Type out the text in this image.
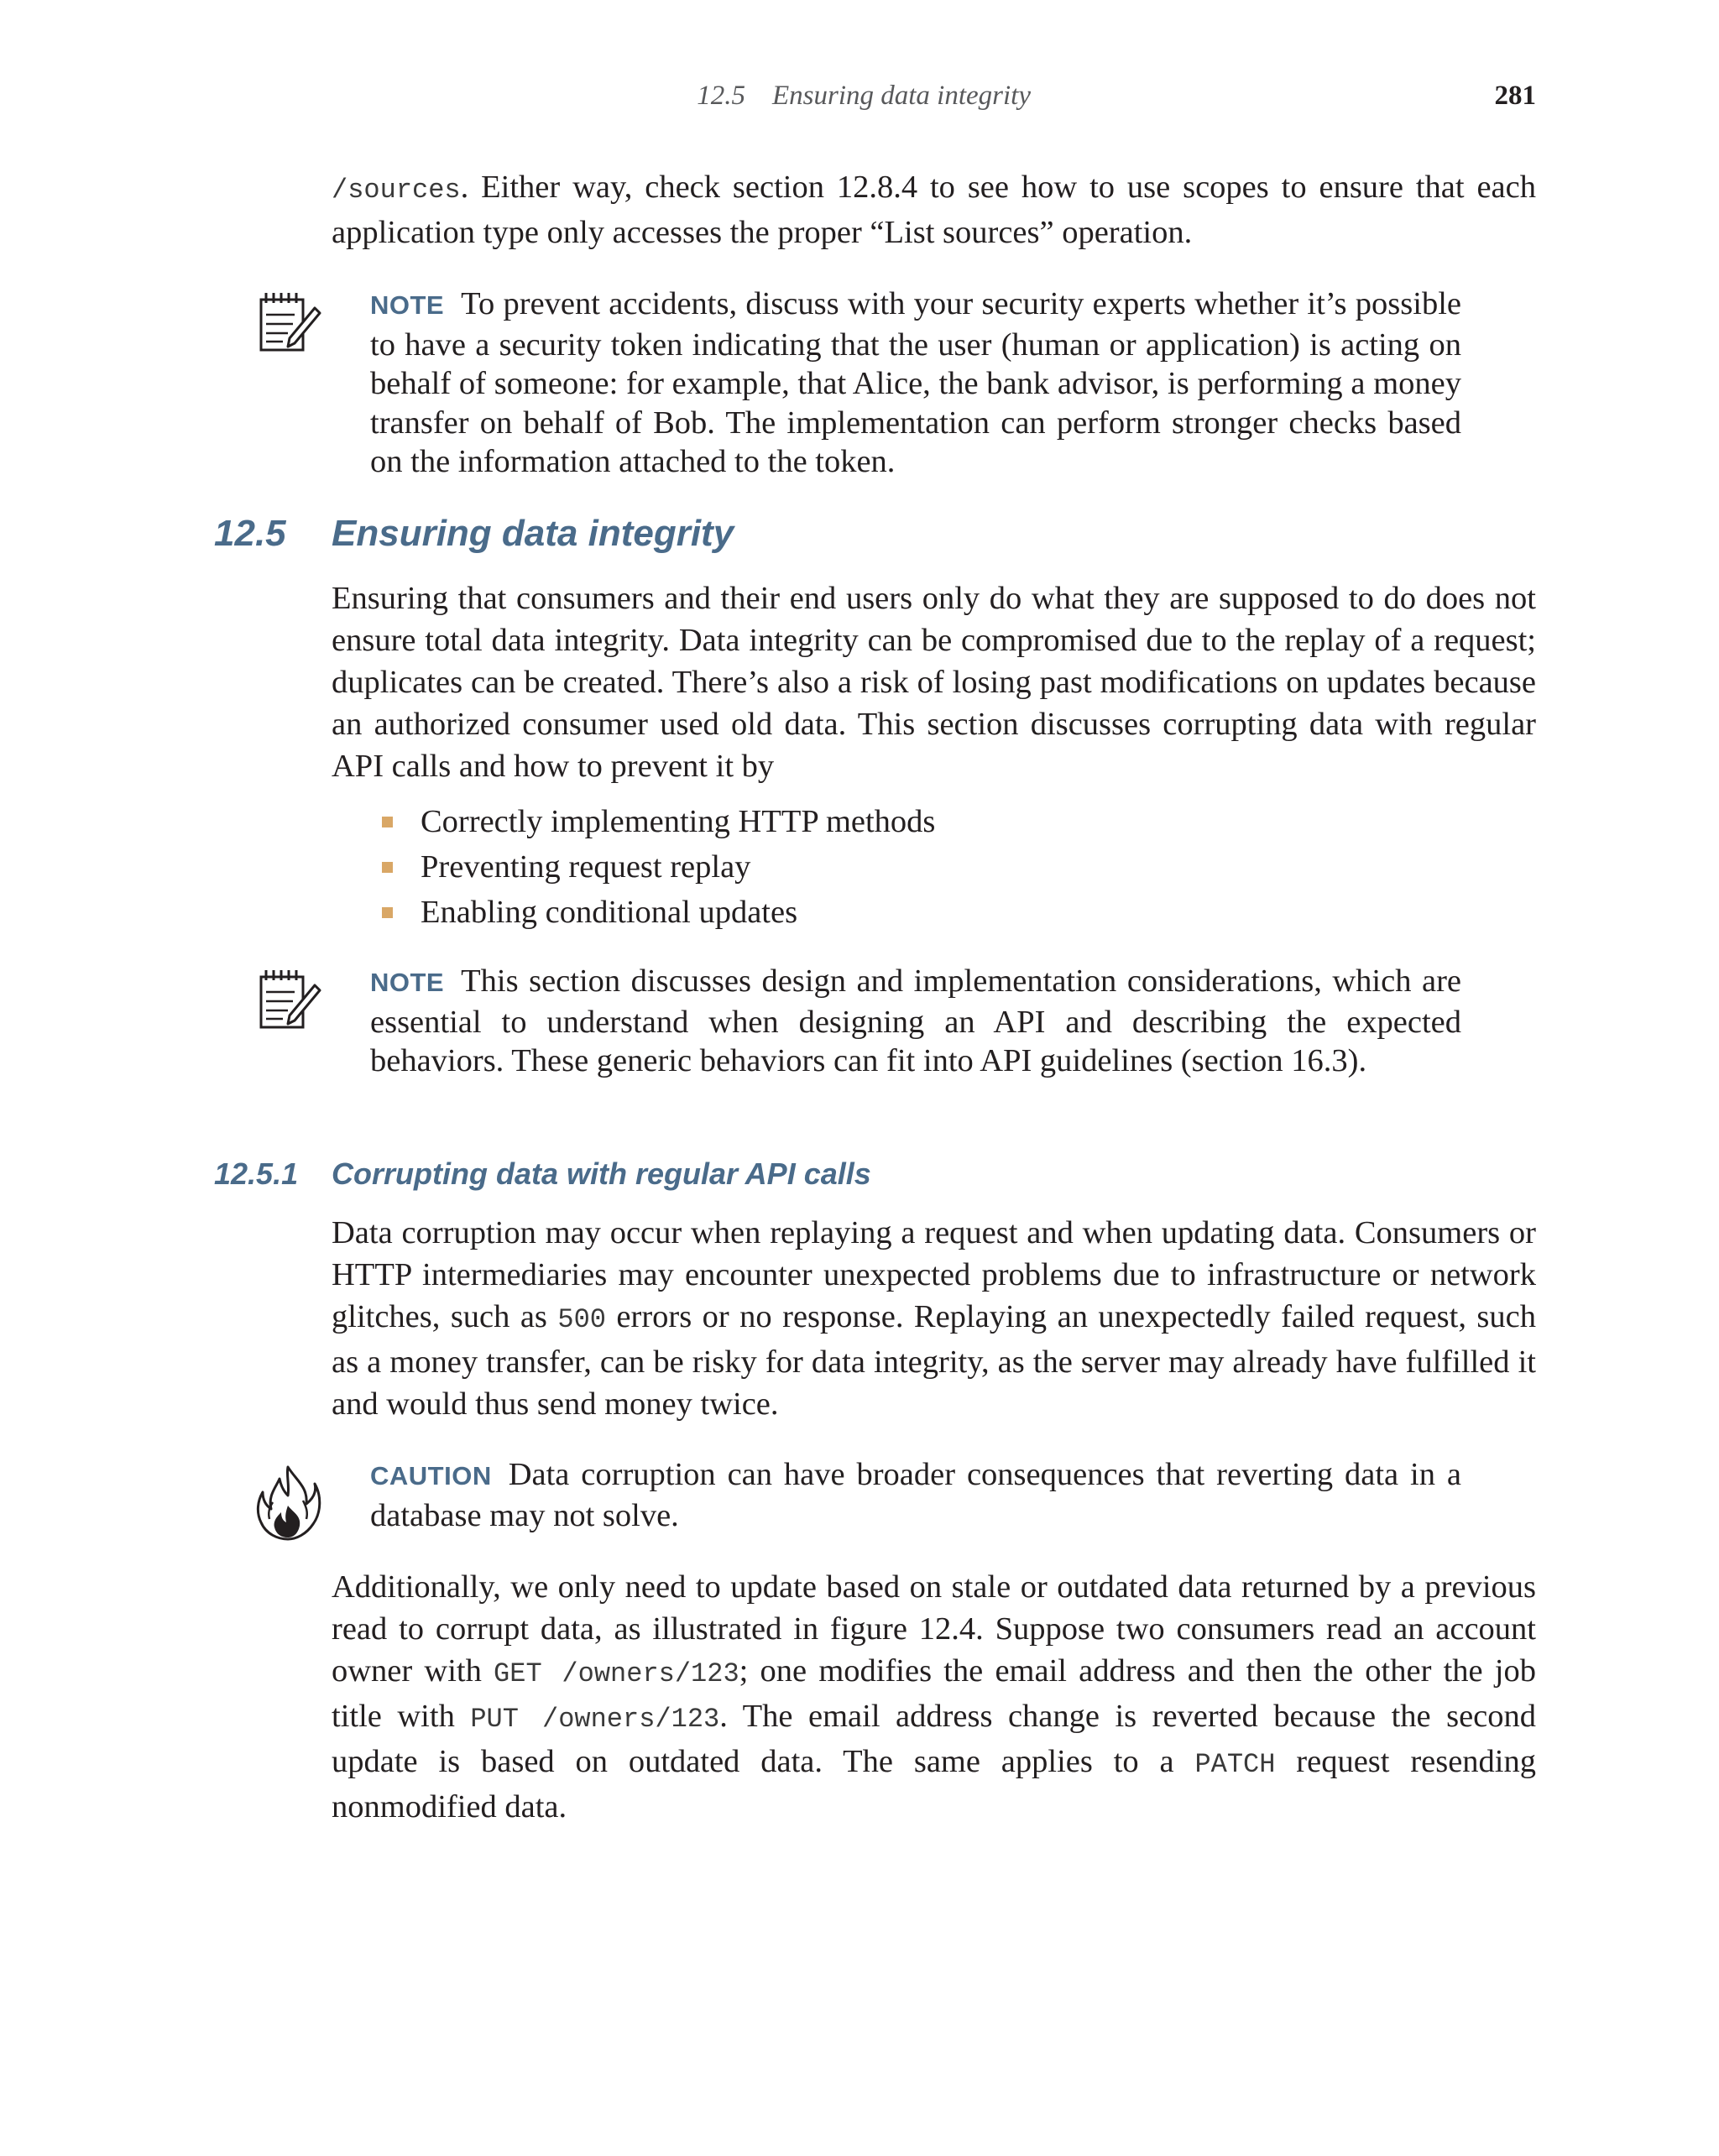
12.5 Ensuring data integrity	281

/sources. Either way, check section 12.8.4 to see how to use scopes to ensure that each application type only accesses the proper “List sources” operation.

NOTE To prevent accidents, discuss with your security experts whether it’s possible to have a security token indicating that the user (human or application) is acting on behalf of someone: for example, that Alice, the bank advisor, is performing a money transfer on behalf of Bob. The implementation can perform stronger checks based on the information attached to the token.

12.5 Ensuring data integrity

Ensuring that consumers and their end users only do what they are supposed to do does not ensure total data integrity. Data integrity can be compromised due to the replay of a request; duplicates can be created. There’s also a risk of losing past modifications on updates because an authorized consumer used old data. This section discusses corrupting data with regular API calls and how to prevent it by

Correctly implementing HTTP methods
Preventing request replay
Enabling conditional updates

NOTE This section discusses design and implementation considerations, which are essential to understand when designing an API and describing the expected behaviors. These generic behaviors can fit into API guidelines (section 16.3).

12.5.1 Corrupting data with regular API calls

Data corruption may occur when replaying a request and when updating data. Consumers or HTTP intermediaries may encounter unexpected problems due to infrastructure or network glitches, such as 500 errors or no response. Replaying an unexpectedly failed request, such as a money transfer, can be risky for data integrity, as the server may already have fulfilled it and would thus send money twice.

CAUTION Data corruption can have broader consequences that reverting data in a database may not solve.

Additionally, we only need to update based on stale or outdated data returned by a previous read to corrupt data, as illustrated in figure 12.4. Suppose two consumers read an account owner with GET /owners/123; one modifies the email address and then the other the job title with PUT /owners/123. The email address change is reverted because the second update is based on outdated data. The same applies to a PATCH request resending nonmodified data.
